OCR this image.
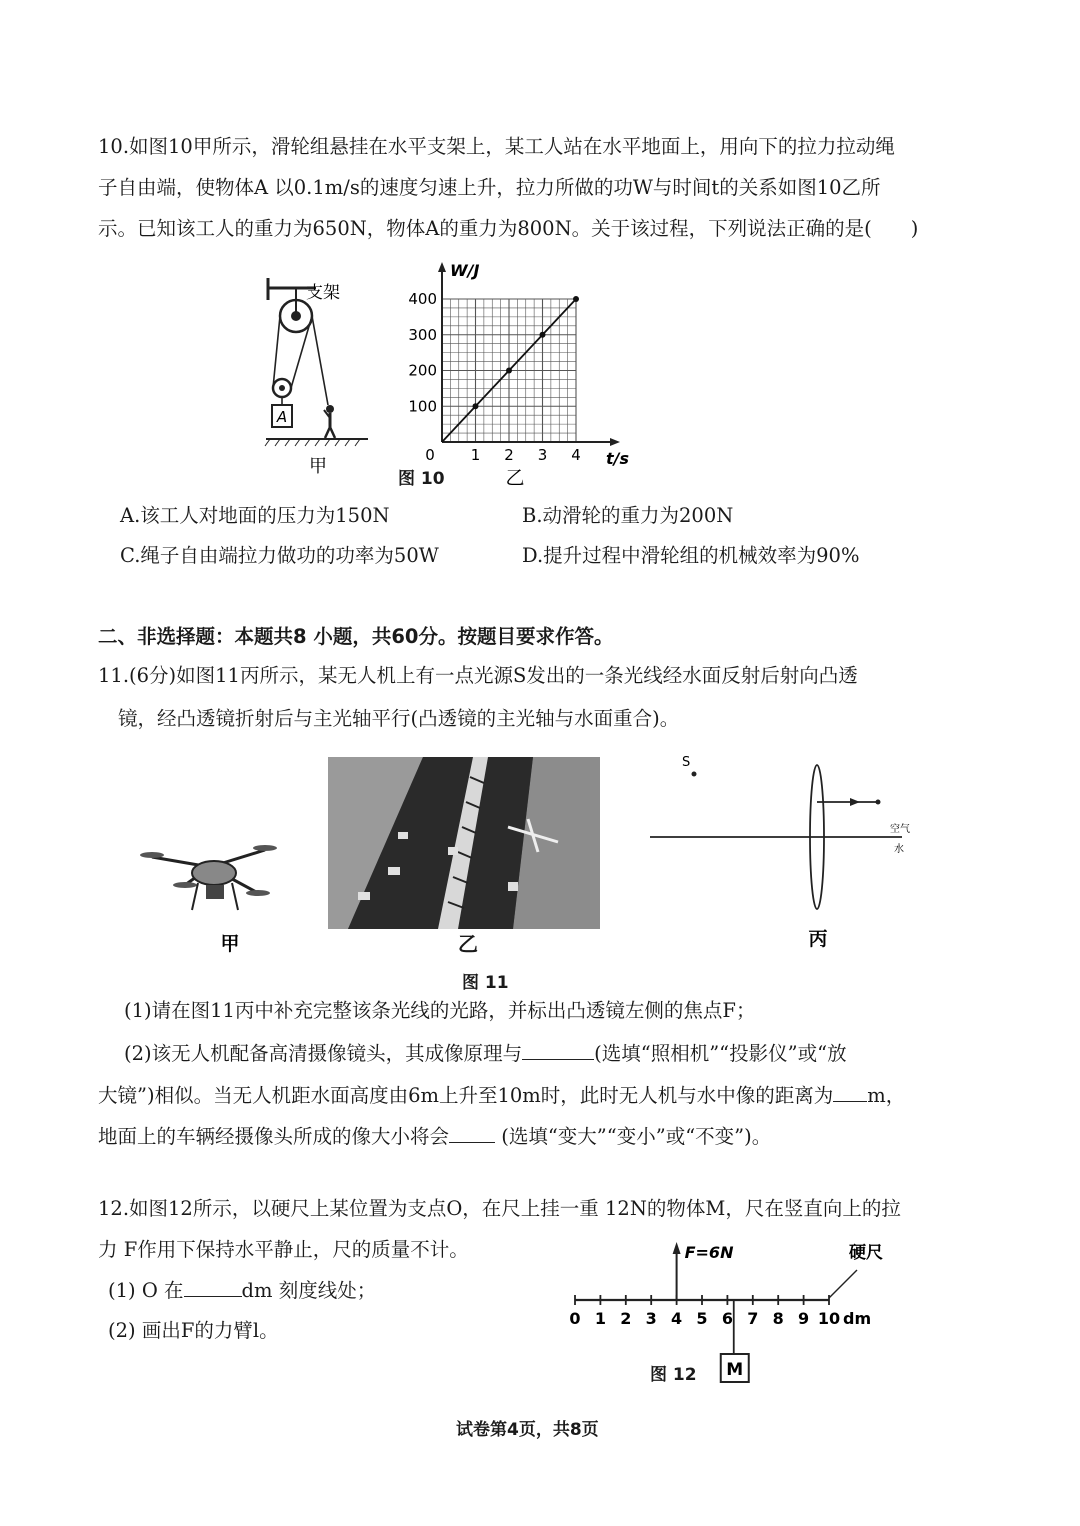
10.如图10甲所示，滑轮组悬挂在水平支架上，某工人站在水平地面上，用向下的拉力拉动绳
子自由端，使物体A 以0.1m/s的速度匀速上升，拉力所做的功W与时间t的关系如图10乙所
示。已知该工人的重力为650N，物体A的重力为800N。关于该过程，下列说法正确的是(　　)
A
支架
甲
W/J
t/s
0 1 2 3 4
100
200
300
400
乙
图 10
A.该工人对地面的压力为150N	B.动滑轮的重力为200N
C.绳子自由端拉力做功的功率为50W	D.提升过程中滑轮组的机械效率为90%
二、非选择题：本题共8 小题，共60分。按题目要求作答。
11.(6分)如图11丙所示，某无人机上有一点光源S发出的一条光线经水面反射后射向凸透
镜，经凸透镜折射后与主光轴平行(凸透镜的主光轴与水面重合)。
甲	乙
S
空气
水
丙
图 11
(1)请在图11丙中补充完整该条光线的光路，并标出凸透镜左侧的焦点F；
(2)该无人机配备高清摄像镜头，其成像原理与	(选填“照相机”“投影仪”或“放
大镜”)相似。当无人机距水面高度由6m上升至10m时，此时无人机与水中像的距离为 m，
地面上的车辆经摄像头所成的像大小将会	(选填“变大”“变小”或“不变”)。
12.如图12所示，以硬尺上某位置为支点O，在尺上挂一重 12N的物体M，尺在竖直向上的拉
力 F作用下保持水平静止，尺的质量不计。
(1) O 在	dm 刻度线处；
(2) 画出F的力臂l。
0 1 2 3 4 5 6 7 8 9 10 dm
F=6N
M
硬尺
图 12
试卷第4页，共8页
